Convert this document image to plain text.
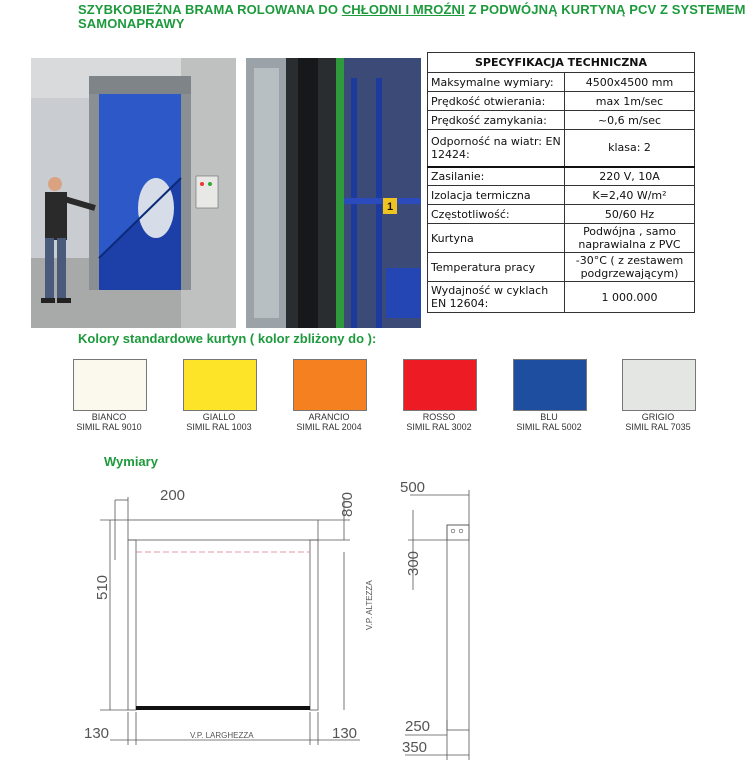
SZYBKOBIEŻNA BRAMA ROLOWANA DO CHŁODNI I MROŹNI Z PODWÓJNĄ KURTYNĄ PCV Z SYSTEMEM SAMONAPRAWY
1
SPECYFIKACJA TECHNICZNA	
Maksymalne wymiary:	4500x4500 mm
Prędkość otwierania:	max 1m/sec
Prędkość zamykania:	~0,6 m/sec
Odporność na wiatr: EN 12424:	klasa: 2
Zasilanie:	220 V, 10A
Izolacja termiczna	K=2,40 W/m²
Częstotliwość:	50/60 Hz
Kurtyna	Podwójna , samo naprawialna z PVC
Temperatura pracy	-30°C ( z zestawem podgrzewającym)
Wydajność w cyklach EN 12604:	1 000.000
Kolory standardowe kurtyn ( kolor zbliżony do ):
BIANCO
SIMIL RAL 9010
GIALLO
SIMIL RAL 1003
ARANCIO
SIMIL RAL 2004
ROSSO
SIMIL RAL 3002
BLU
SIMIL RAL 5002
GRIGIO
SIMIL RAL 7035
Wymiary
200	800
510	V.P. ALTEZZA
V.P. LARGHEZZA
130	130
500
300
250
350
